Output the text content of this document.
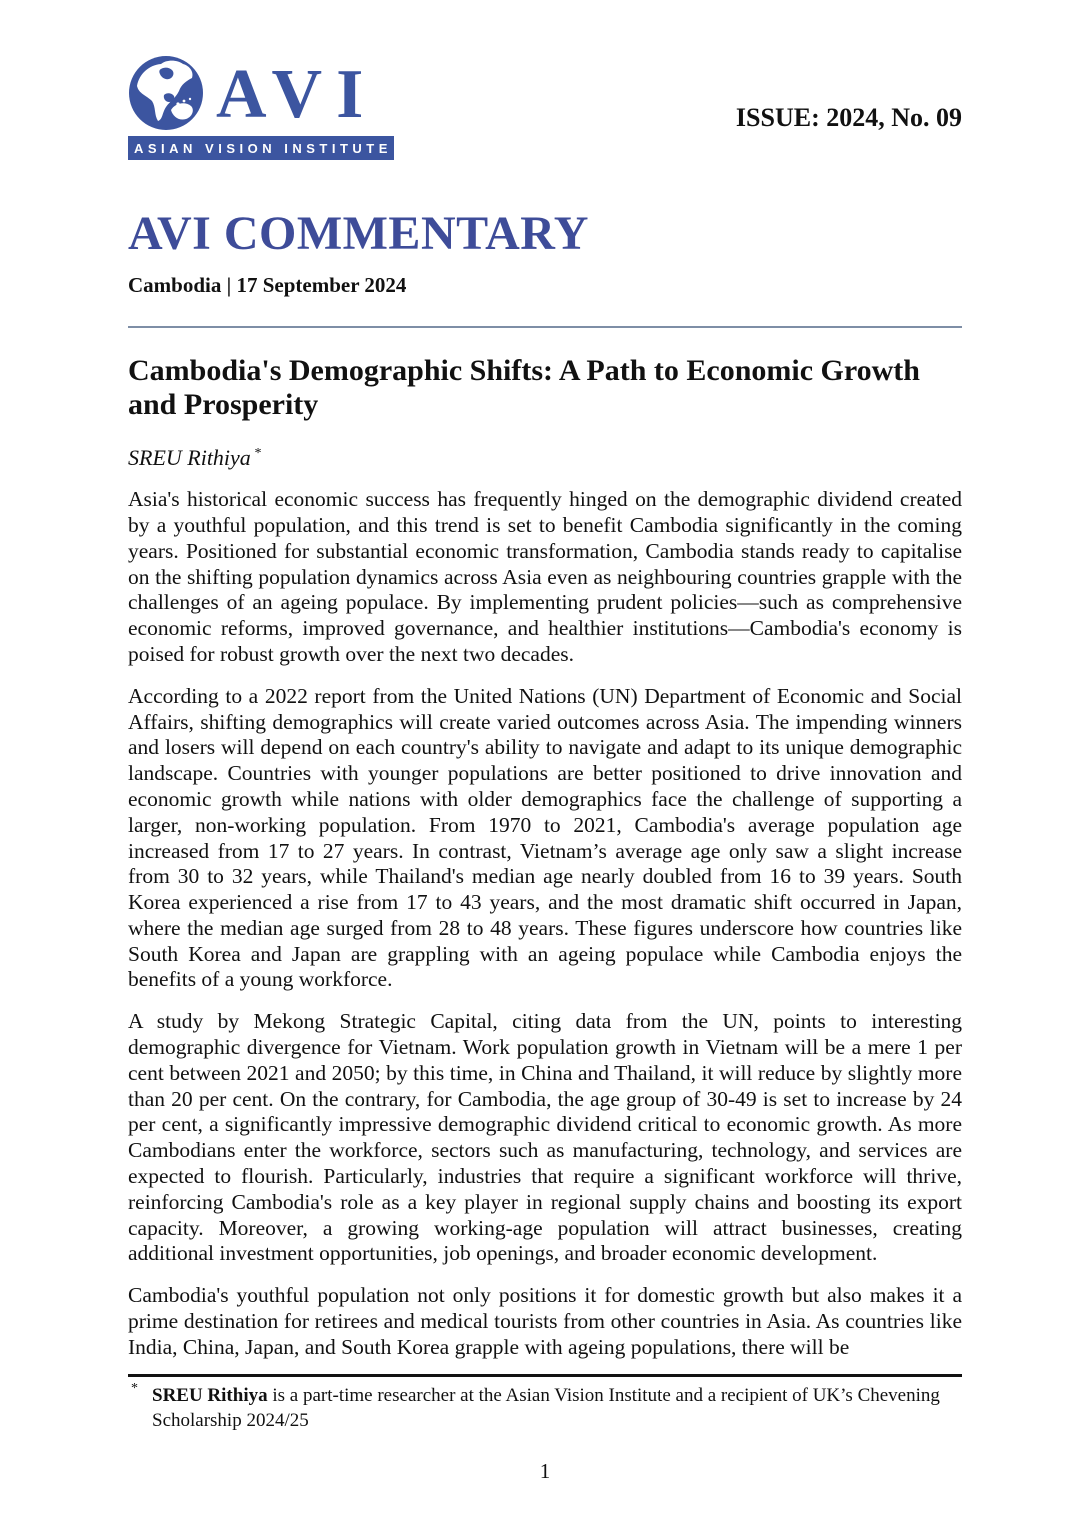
AVI
ASIAN VISION INSTITUTE
ISSUE: 2024, No. 09
AVI COMMENTARY
Cambodia | 17 September 2024
Cambodia's Demographic Shifts: A Path to Economic Growth and Prosperity
SREU Rithiya *

Asia's historical economic success has frequently hinged on the demographic dividend created by a youthful population, and this trend is set to benefit Cambodia significantly in the coming years. Positioned for substantial economic transformation, Cambodia stands ready to capitalise on the shifting population dynamics across Asia even as neighbouring countries grapple with the challenges of an ageing populace. By implementing prudent policies—such as comprehensive economic reforms, improved governance, and healthier institutions—Cambodia's economy is poised for robust growth over the next two decades.

According to a 2022 report from the United Nations (UN) Department of Economic and Social Affairs, shifting demographics will create varied outcomes across Asia. The impending winners and losers will depend on each country's ability to navigate and adapt to its unique demographic landscape. Countries with younger populations are better positioned to drive innovation and economic growth while nations with older demographics face the challenge of supporting a larger, non-working population. From 1970 to 2021, Cambodia's average population age increased from 17 to 27 years. In contrast, Vietnam’s average age only saw a slight increase from 30 to 32 years, while Thailand's median age nearly doubled from 16 to 39 years. South Korea experienced a rise from 17 to 43 years, and the most dramatic shift occurred in Japan, where the median age surged from 28 to 48 years. These figures underscore how countries like South Korea and Japan are grappling with an ageing populace while Cambodia enjoys the benefits of a young workforce.

A study by Mekong Strategic Capital, citing data from the UN, points to interesting demographic divergence for Vietnam. Work population growth in Vietnam will be a mere 1 per cent between 2021 and 2050; by this time, in China and Thailand, it will reduce by slightly more than 20 per cent. On the contrary, for Cambodia, the age group of 30-49 is set to increase by 24 per cent, a significantly impressive demographic dividend critical to economic growth. As more Cambodians enter the workforce, sectors such as manufacturing, technology, and services are expected to flourish. Particularly, industries that require a significant workforce will thrive, reinforcing Cambodia's role as a key player in regional supply chains and boosting its export capacity. Moreover, a growing working-age population will attract businesses, creating additional investment opportunities, job openings, and broader economic development.

Cambodia's youthful population not only positions it for domestic growth but also makes it a prime destination for retirees and medical tourists from other countries in Asia. As countries like India, China, Japan, and South Korea grapple with ageing populations, there will be

* SREU Rithiya is a part-time researcher at the Asian Vision Institute and a recipient of UK’s Chevening Scholarship 2024/25
1
